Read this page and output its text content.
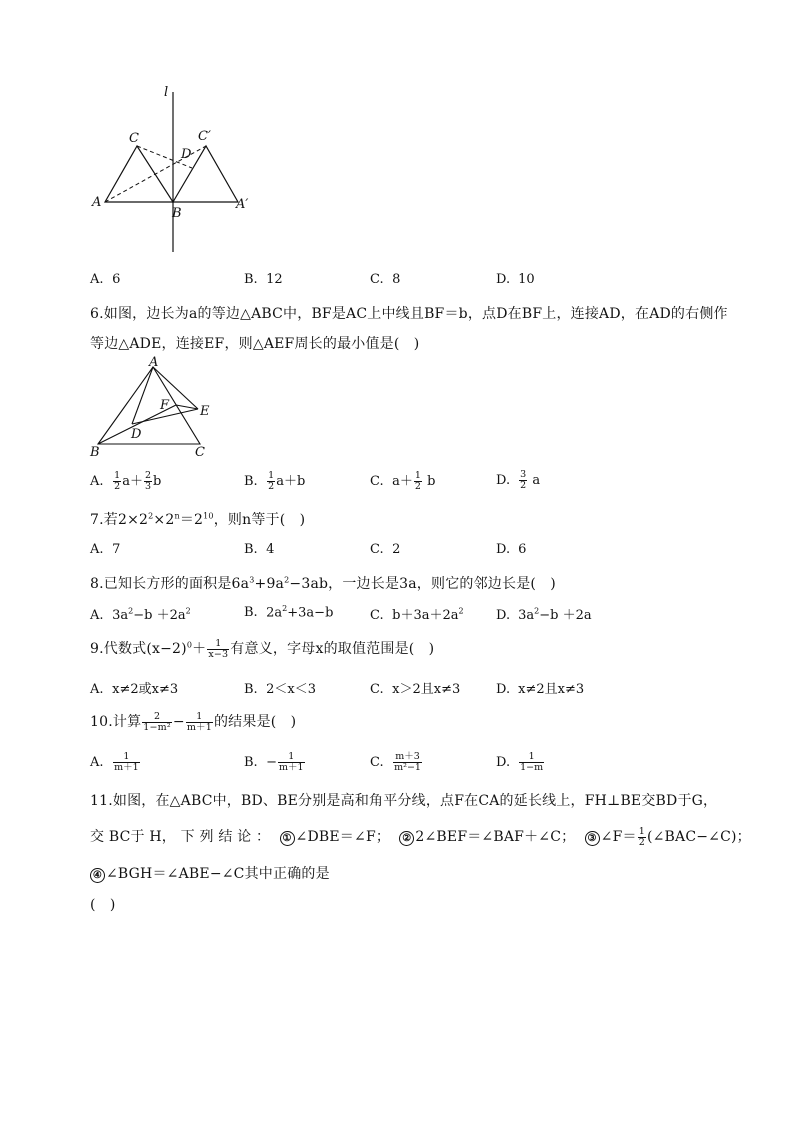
l
C	C′
D
A
B
A′
A. 6	B. 12	C. 8	D. 10
6.如图，边长为a的等边△ABC中，BF是AC上中线且BF＝b，点D在BF上，连接AD，在AD的右侧作
等边△ADE，连接EF，则△AEF周长的最小值是(　)
A
F E
D
B	C
A. $\frac{1}{2} a+ \frac{2}{3}$ b	B. $\frac{1}{2} a+b$	C. $a+ \frac{1}{2}$ b	D. $\frac{3}{2}$ a
7.若$2\times 2^2\times 2^n=2^{10}$，则n等于(　)
A. 7	B. 4	C. 2	D. 6
8.已知长方形的面积是$6a^3+9a^2-3ab$，一边长是3a，则它的邻边长是(　)
A. $3a^2-b +2a^2$	B. $2a^2+3a-b$	C. $b+3a+2a^2$ D. $3a^2-b +2a$
9.代数式$(x-2)^0+ \frac{1}{x-3}$ 有意义，字母x的取值范围是(　)
A. x≠2或x≠3	B. 2＜x＜3	C. x＞2且x≠3	D. x≠2且x≠3
10.计算 $\frac{2}{\text{1−m²}} - \frac{1}{m+1}$ 的结果是(　)
A. $\frac{1}{m+1}$	B. − $\frac{1}{m+1}$	C. $\frac{m+3}{\text{m²−1}}$	D. $\frac{1}{1-m}$
11.如图，在△ABC中，BD、BE分别是高和角平分线，点F在CA的延长线上，FH⊥BE交BD于G，
交 BC于 H， 下 列 结 论 ： ① ∠DBE＝∠F； ② 2∠BEF＝∠BAF＋∠C； ③ ∠F＝ $\frac{1}{2}$ (∠BAC−∠C)；
④ ∠BGH＝∠ABE−∠C其中正确的是
(　)
